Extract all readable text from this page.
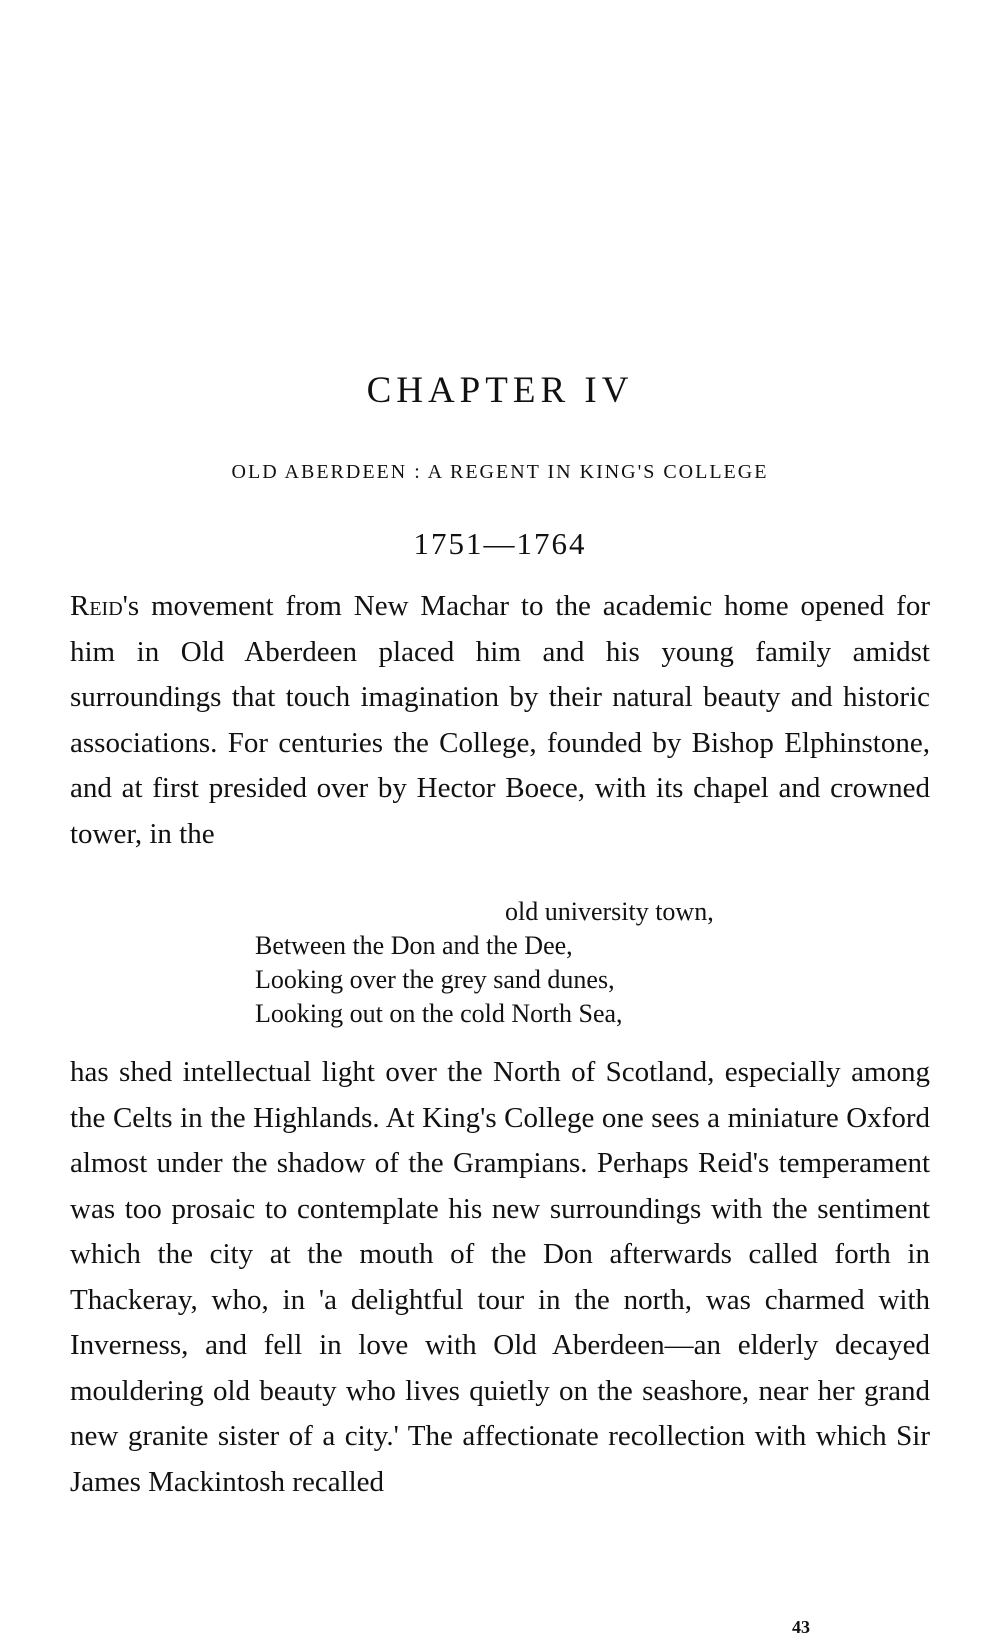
CHAPTER IV
OLD ABERDEEN : A REGENT IN KING'S COLLEGE
1751—1764

Reid's movement from New Machar to the academic home opened for him in Old Aberdeen placed him and his young family amidst surroundings that touch imagination by their natural beauty and historic associations. For centuries the College, founded by Bishop Elphinstone, and at first presided over by Hector Boece, with its chapel and crowned tower, in the

old university town,
Between the Don and the Dee,
Looking over the grey sand dunes,
Looking out on the cold North Sea,

has shed intellectual light over the North of Scotland, especially among the Celts in the Highlands. At King's College one sees a miniature Oxford almost under the shadow of the Grampians. Perhaps Reid's temperament was too prosaic to contemplate his new surroundings with the sentiment which the city at the mouth of the Don afterwards called forth in Thackeray, who, in 'a delightful tour in the north, was charmed with Inverness, and fell in love with Old Aberdeen—an elderly decayed mouldering old beauty who lives quietly on the seashore, near her grand new granite sister of a city.' The affectionate recollection with which Sir James Mackintosh recalled

43
